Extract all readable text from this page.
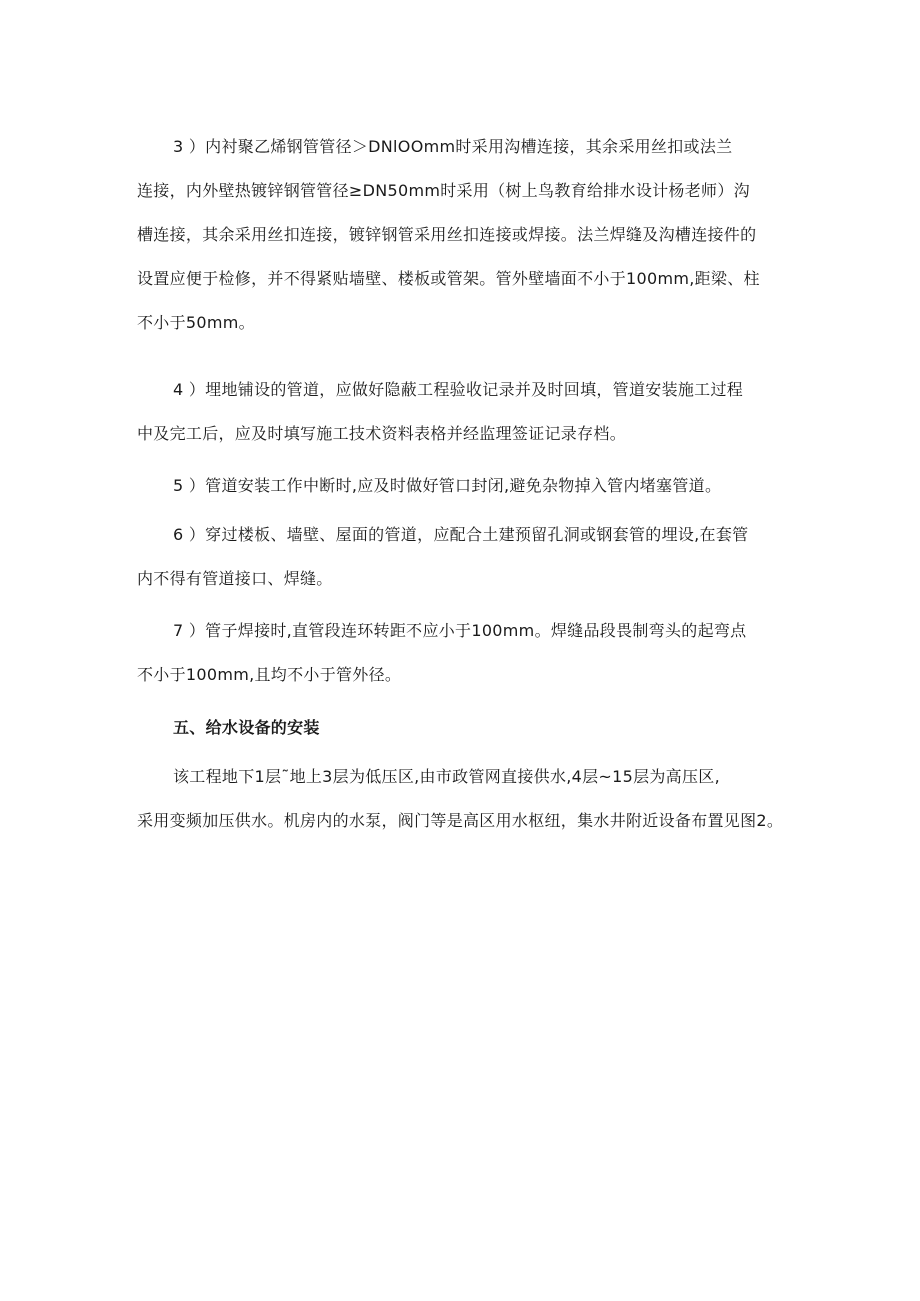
3 ）内衬聚乙烯钢管管径＞DNlOOmm时采用沟槽连接，其余采用丝扣或法兰
连接，内外壁热镀锌钢管管径≥DN50mm时采用（树上鸟教育给排水设计杨老师）沟
槽连接，其余采用丝扣连接，镀锌钢管采用丝扣连接或焊接。法兰焊缝及沟槽连接件的
设置应便于检修，并不得紧贴墙壁、楼板或管架。管外壁墙面不小于100mm,距梁、柱
不小于50mm。
4 ）埋地铺设的管道，应做好隐蔽工程验收记录并及时回填，管道安装施工过程
中及完工后，应及时填写施工技术资料表格并经监理签证记录存档。
5 ）管道安装工作中断时,应及时做好管口封闭,避免杂物掉入管内堵塞管道。
6 ）穿过楼板、墙壁、屋面的管道，应配合土建预留孔洞或钢套管的埋设,在套管
内不得有管道接口、焊缝。
7 ）管子焊接时,直管段连环转距不应小于100mm。焊缝品段畏制弯头的起弯点
不小于100mm,且均不小于管外径。
五、给水设备的安装
该工程地下1层˜地上3层为低压区,由市政管网直接供水,4层~15层为高压区,
采用变频加压供水。机房内的水泵，阀门等是高区用水枢纽，集水井附近设备布置见图2。
